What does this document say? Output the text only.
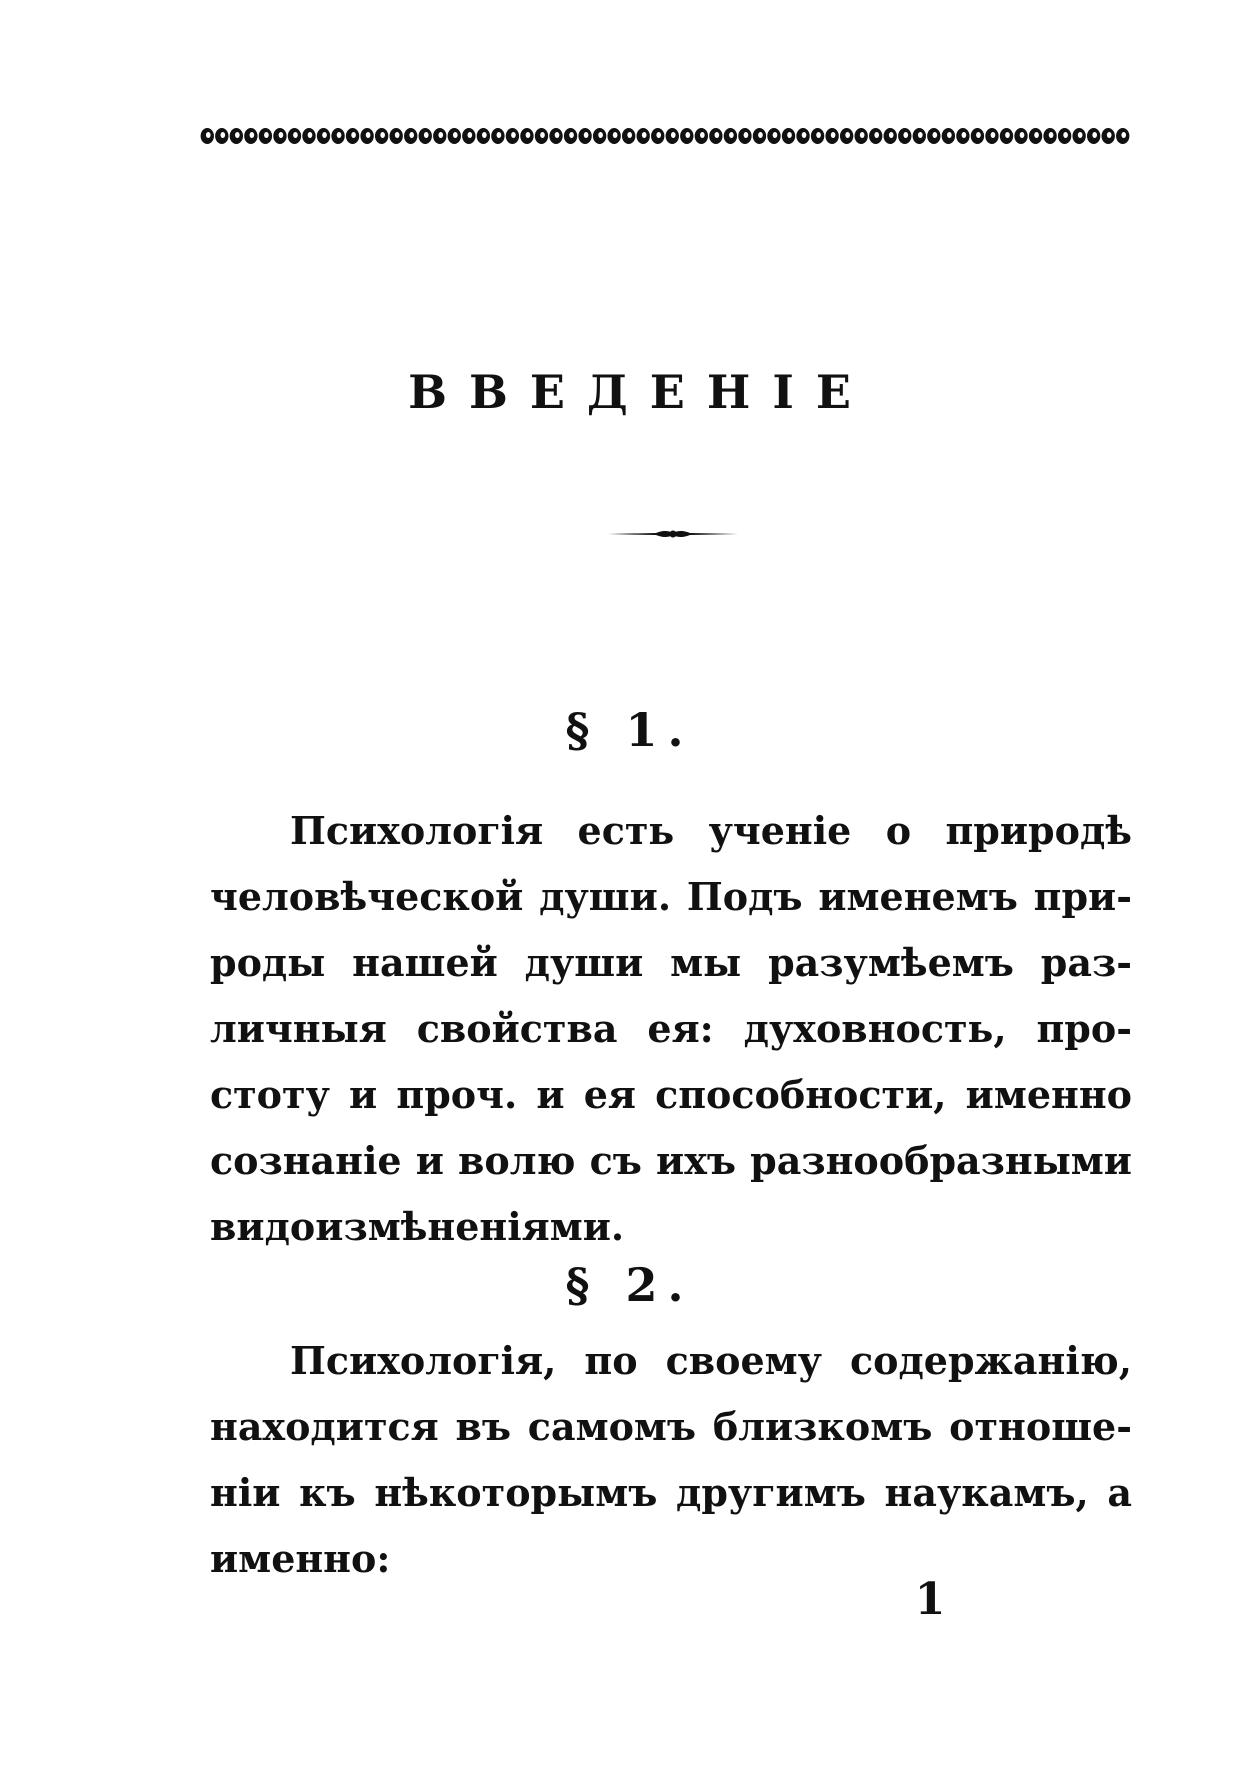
ВВЕДЕНІЕ
§ 1.
Психологія есть ученіе о природѣ
человѣческой души. Подъ именемъ при-
роды нашей души мы разумѣемъ раз-
личныя свойства ея: духовность, про-
стоту и проч. и ея способности, именно
сознаніе и волю съ ихъ разнообразными
видоизмѣненіями.
§ 2.
Психологія, по своему содержанію,
находится въ самомъ близкомъ отноше-
ніи къ нѣкоторымъ другимъ наукамъ, а
именно:
1
